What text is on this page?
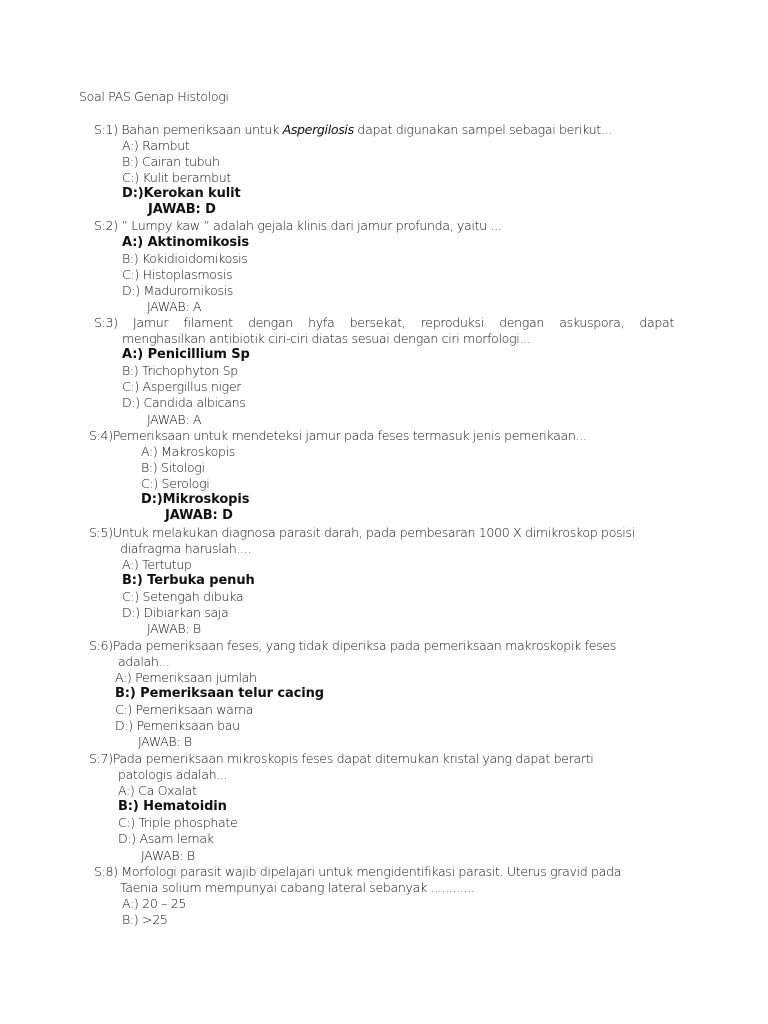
Soal PAS Genap Histologi
S:1) Bahan pemeriksaan untuk Aspergilosis dapat digunakan sampel sebagai berikut...
A:) Rambut
B:) Cairan tubuh
C:) Kulit berambut
D:)Kerokan kulit
JAWAB: D
S:2) ” Lumpy kaw ” adalah gejala klinis dari jamur profunda, yaitu ...
A:) Aktinomikosis
B:) Kokidioidomikosis
C:) Histoplasmosis
D:) Maduromikosis
JAWAB: A
S:3) Jamur filament dengan hyfa bersekat, reproduksi dengan askuspora, dapat
menghasilkan antibiotik ciri-ciri diatas sesuai dengan ciri morfologi...
A:) Penicillium Sp
B:) Trichophyton Sp
C:) Aspergillus niger
D:) Candida albicans
JAWAB: A
S:4)Pemeriksaan untuk mendeteksi jamur pada feses termasuk jenis pemerikaan...
A:) Makroskopis
B:) Sitologi
C:) Serologi
D:)Mikroskopis
JAWAB: D
S:5)Untuk melakukan diagnosa parasit darah, pada pembesaran 1000 X dimikroskop posisi
diafragma haruslah....
A:) Tertutup
B:) Terbuka penuh
C:) Setengah dibuka
D:) Dibiarkan saja
JAWAB: B
S:6)Pada pemeriksaan feses, yang tidak diperiksa pada pemeriksaan makroskopik feses
adalah...
A:) Pemeriksaan jumlah
B:) Pemeriksaan telur cacing
C:) Pemeriksaan warna
D:) Pemeriksaan bau
JAWAB: B
S:7)Pada pemeriksaan mikroskopis feses dapat ditemukan kristal yang dapat berarti
patologis adalah...
A:) Ca Oxalat
B:) Hematoidin
C:) Triple phosphate
D:) Asam lemak
JAWAB: B
S:8) Morfologi parasit wajib dipelajari untuk mengidentifikasi parasit. Uterus gravid pada
Taenia solium mempunyai cabang lateral sebanyak ............
A:) 20 – 25
B:) >25
